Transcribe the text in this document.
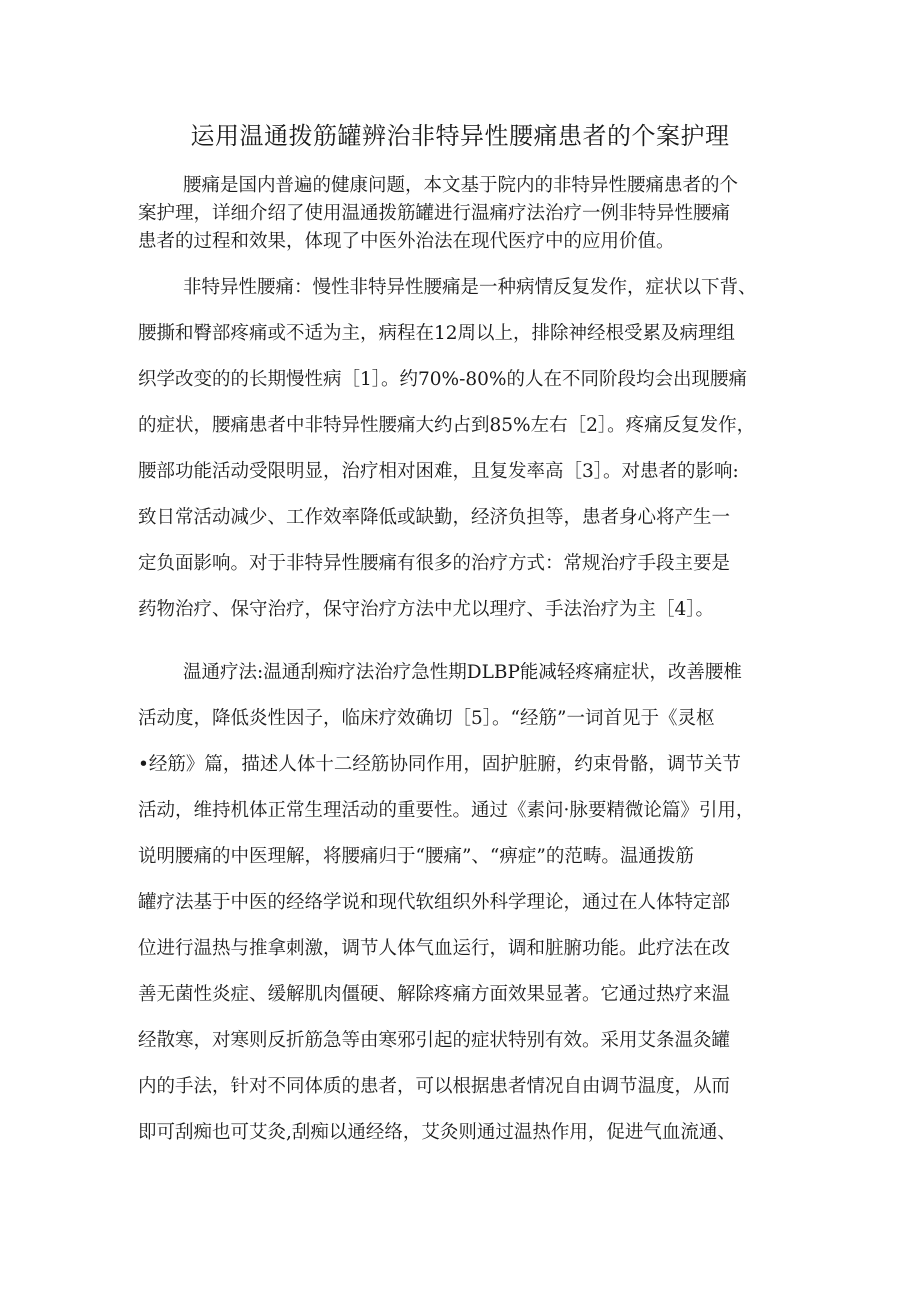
运用温通拨筋罐辨治非特异性腰痛患者的个案护理
腰痛是国内普遍的健康问题，本文基于院内的非特异性腰痛患者的个
案护理，详细介绍了使用温通拨筋罐进行温痛疗法治疗一例非特异性腰痛
患者的过程和效果，体现了中医外治法在现代医疗中的应用价值。
非特异性腰痛：慢性非特异性腰痛是一种病情反复发作，症状以下背、
腰撕和臀部疼痛或不适为主，病程在12周以上，排除神经根受累及病理组
织学改变的的长期慢性病［1］。约70%-80%的人在不同阶段均会出现腰痛
的症状，腰痛患者中非特异性腰痛大约占到85%左右［2］。疼痛反复发作，
腰部功能活动受限明显，治疗相对困难，且复发率高［3］。对患者的影响:
致日常活动减少、工作效率降低或缺勤，经济负担等，患者身心将产生一
定负面影响。对于非特异性腰痛有很多的治疗方式：常规治疗手段主要是
药物治疗、保守治疗，保守治疗方法中尤以理疗、手法治疗为主［4］。
温通疗法:温通刮痴疗法治疗急性期DLBP能减轻疼痛症状，改善腰椎
活动度，降低炎性因子，临床疗效确切［5］。“经筋”一词首见于《灵枢
•经筋》篇，描述人体十二经筋协同作用，固护脏腑，约束骨骼，调节关节
活动，维持机体正常生理活动的重要性。通过《素问·脉要精微论篇》引用，
说明腰痛的中医理解，将腰痛归于“腰痛”、“痹症”的范畴。温通拨筋
罐疗法基于中医的经络学说和现代软组织外科学理论，通过在人体特定部
位进行温热与推拿刺激，调节人体气血运行，调和脏腑功能。此疗法在改
善无菌性炎症、缓解肌肉僵硬、解除疼痛方面效果显著。它通过热疗来温
经散寒，对寒则反折筋急等由寒邪引起的症状特别有效。采用艾条温灸罐
内的手法，针对不同体质的患者，可以根据患者情况自由调节温度，从而
即可刮痴也可艾灸,刮痴以通经络，艾灸则通过温热作用，促进气血流通、
